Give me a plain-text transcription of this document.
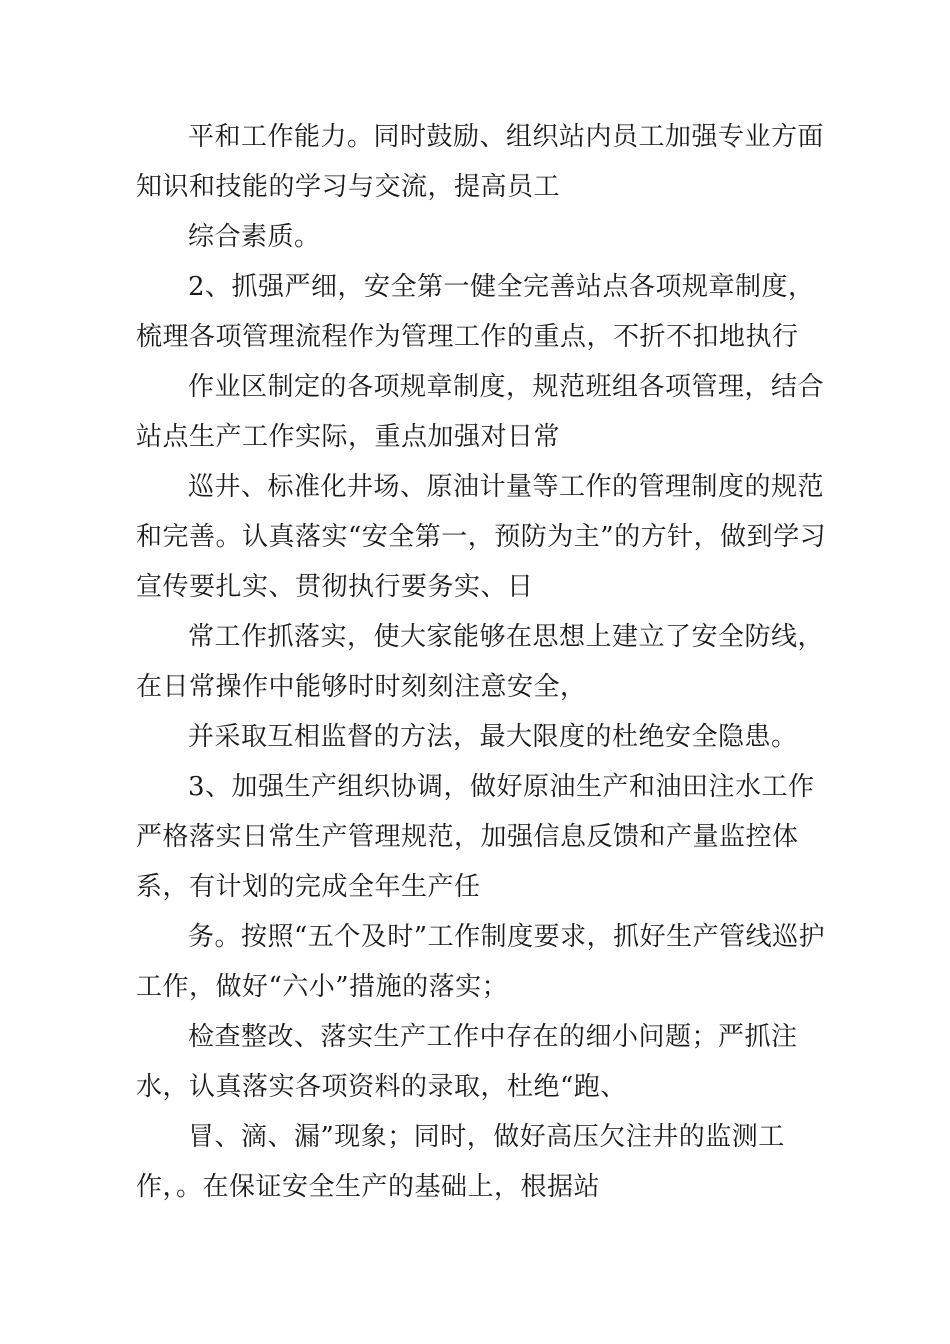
平和工作能力。同时鼓励、组织站内员工加强专业方面知识和技能的学习与交流，提高员工

综合素质。

2、抓强严细，安全第一健全完善站点各项规章制度，梳理各项管理流程作为管理工作的重点，不折不扣地执行

作业区制定的各项规章制度，规范班组各项管理，结合站点生产工作实际，重点加强对日常

巡井、标准化井场、原油计量等工作的管理制度的规范和完善。认真落实“安全第一，预防为主”的方针，做到学习宣传要扎实、贯彻执行要务实、日

常工作抓落实，使大家能够在思想上建立了安全防线，在日常操作中能够时时刻刻注意安全，

并采取互相监督的方法，最大限度的杜绝安全隐患。

3、加强生产组织协调，做好原油生产和油田注水工作严格落实日常生产管理规范，加强信息反馈和产量监控体系，有计划的完成全年生产任

务。按照“五个及时”工作制度要求，抓好生产管线巡护工作，做好“六小”措施的落实；

检查整改、落实生产工作中存在的细小问题；严抓注水，认真落实各项资料的录取，杜绝“跑、

冒、滴、漏”现象；同时，做好高压欠注井的监测工作，。在保证安全生产的基础上，根据站
